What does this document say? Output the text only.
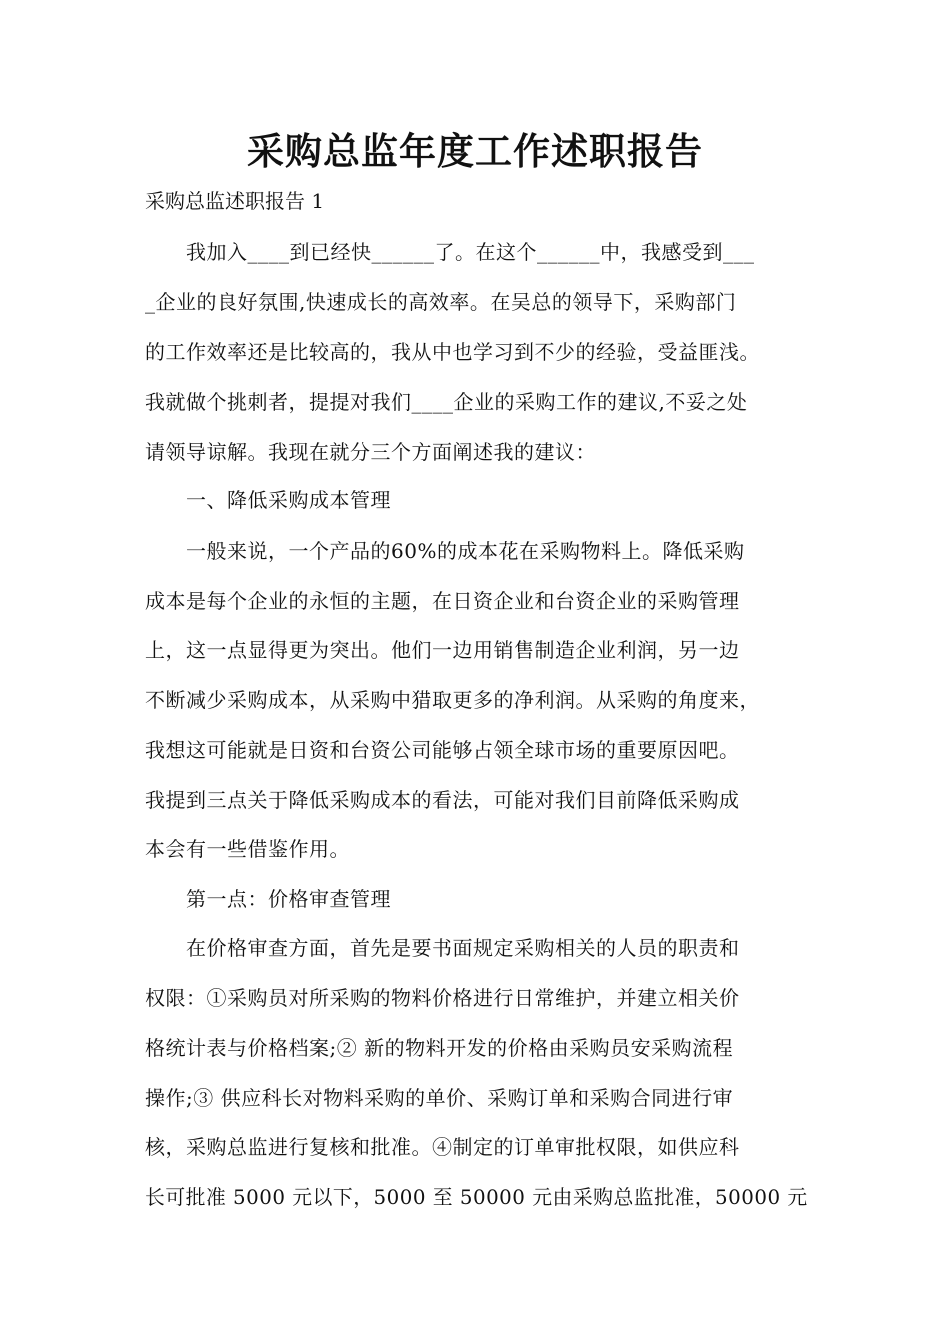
采购总监年度工作述职报告
采购总监述职报告 1
　　我加入____到已经快______了。在这个______中，我感受到___
_企业的良好氛围,快速成长的高效率。在吴总的领导下，采购部门
的工作效率还是比较高的，我从中也学习到不少的经验，受益匪浅。
我就做个挑刺者，提提对我们____企业的采购工作的建议,不妥之处
请领导谅解。我现在就分三个方面阐述我的建议：
　　一、降低采购成本管理
　　一般来说，一个产品的60%的成本花在采购物料上。降低采购
成本是每个企业的永恒的主题，在日资企业和台资企业的采购管理
上，这一点显得更为突出。他们一边用销售制造企业利润，另一边
不断减少采购成本，从采购中猎取更多的净利润。从采购的角度来，
我想这可能就是日资和台资公司能够占领全球市场的重要原因吧。
我提到三点关于降低采购成本的看法，可能对我们目前降低采购成
本会有一些借鉴作用。
　　第一点：价格审查管理
　　在价格审查方面，首先是要书面规定采购相关的人员的职责和
权限：①采购员对所采购的物料价格进行日常维护，并建立相关价
格统计表与价格档案;② 新的物料开发的价格由采购员安采购流程
操作;③ 供应科长对物料采购的单价、采购订单和采购合同进行审
核，采购总监进行复核和批准。④制定的订单审批权限，如供应科
长可批准 5000 元以下，5000 至 50000 元由采购总监批准，50000 元
